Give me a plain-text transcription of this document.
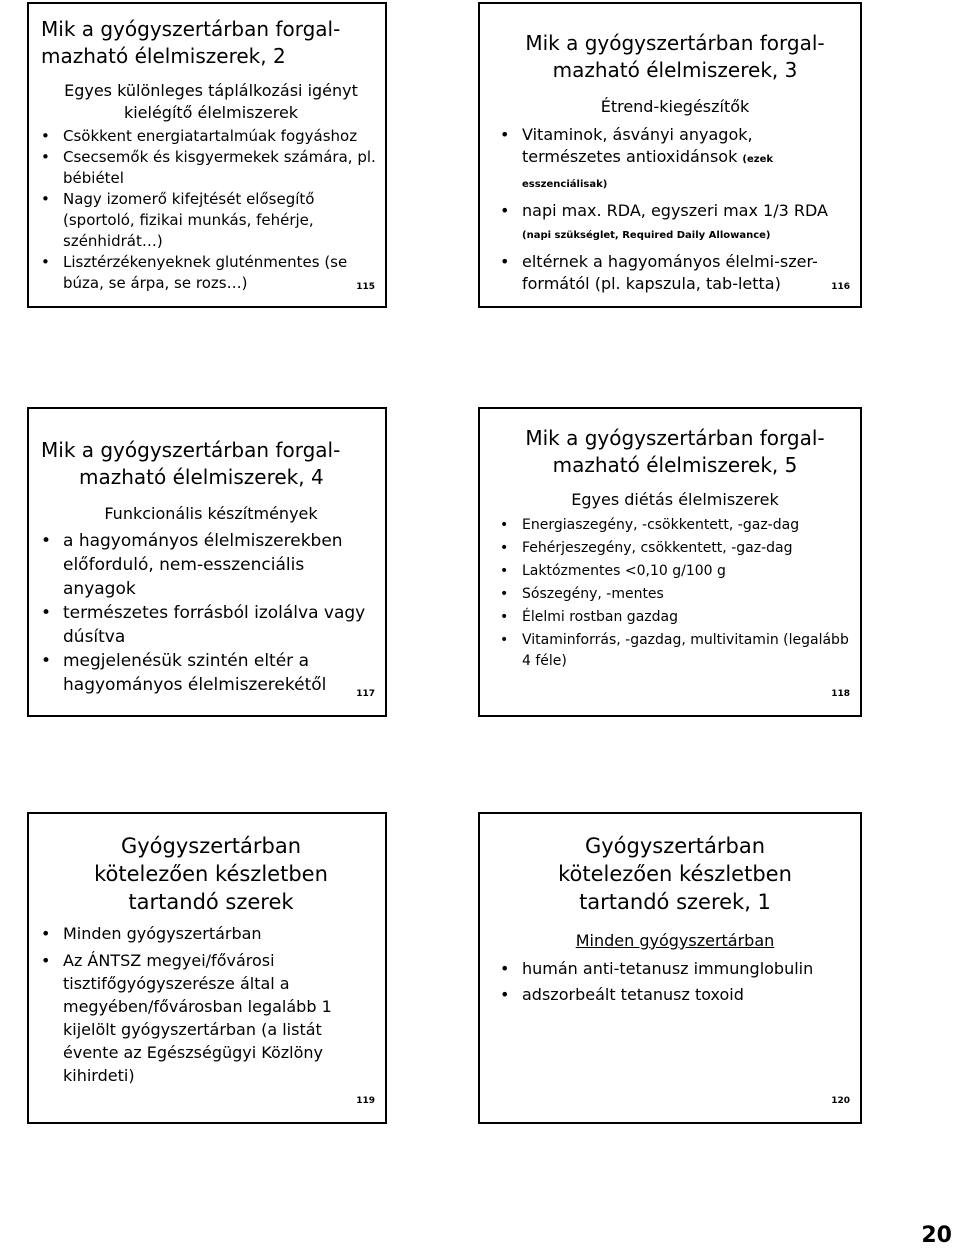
Mik a gyógyszertárban forgal-
mazható élelmiszerek, 2
Egyes különleges táplálkozási igényt
kielégítő élelmiszerek
• Csökkent energiatartalmúak fogyáshoz
• Csecsemők és kisgyermekek számára, pl. bébiétel
• Nagy izomerő kifejtését elősegítő (sportoló, fizikai munkás, fehérje, szénhidrát…)
• Lisztérzékenyeknek gluténmentes (se búza, se árpa, se rozs…)	115
Mik a gyógyszertárban forgal-
mazható élelmiszerek, 3
Étrend-kiegészítők
• Vitaminok, ásványi anyagok, természetes antioxidánsok (ezek esszenciálisak)
• napi max. RDA, egyszeri max 1/3 RDA (napi szükséglet, Required Daily Allowance)
• eltérnek a hagyományos élelmi-szer-formától (pl. kapszula, tab-letta)	116
Mik a gyógyszertárban forgal-
mazható élelmiszerek, 4
Funkcionális készítmények
• a hagyományos élelmiszerekben előforduló, nem-esszenciális anyagok
• természetes forrásból izolálva vagy dúsítva
• megjelenésük szintén eltér a hagyományos élelmiszerekétől	117
Mik a gyógyszertárban forgal-
mazható élelmiszerek, 5
Egyes diétás élelmiszerek
• Energiaszegény, -csökkentett, -gaz-dag
• Fehérjeszegény, csökkentett, -gaz-dag
• Laktózmentes <0,10 g/100 g
• Sószegény, -mentes
• Élelmi rostban gazdag
• Vitaminforrás, -gazdag, multivitamin (legalább 4 féle)
118
Gyógyszertárban
kötelezően készletben
tartandó szerek
• Minden gyógyszertárban
• Az ÁNTSZ megyei/fővárosi tisztifőgyógyszerésze által a megyében/fővárosban legalább 1 kijelölt gyógyszertárban (a listát évente az Egészségügyi Közlöny kihirdeti)
119
Gyógyszertárban
kötelezően készletben
tartandó szerek, 1
Minden gyógyszertárban
• humán anti-tetanusz immunglobulin
• adszorbeált tetanusz toxoid
120
20
